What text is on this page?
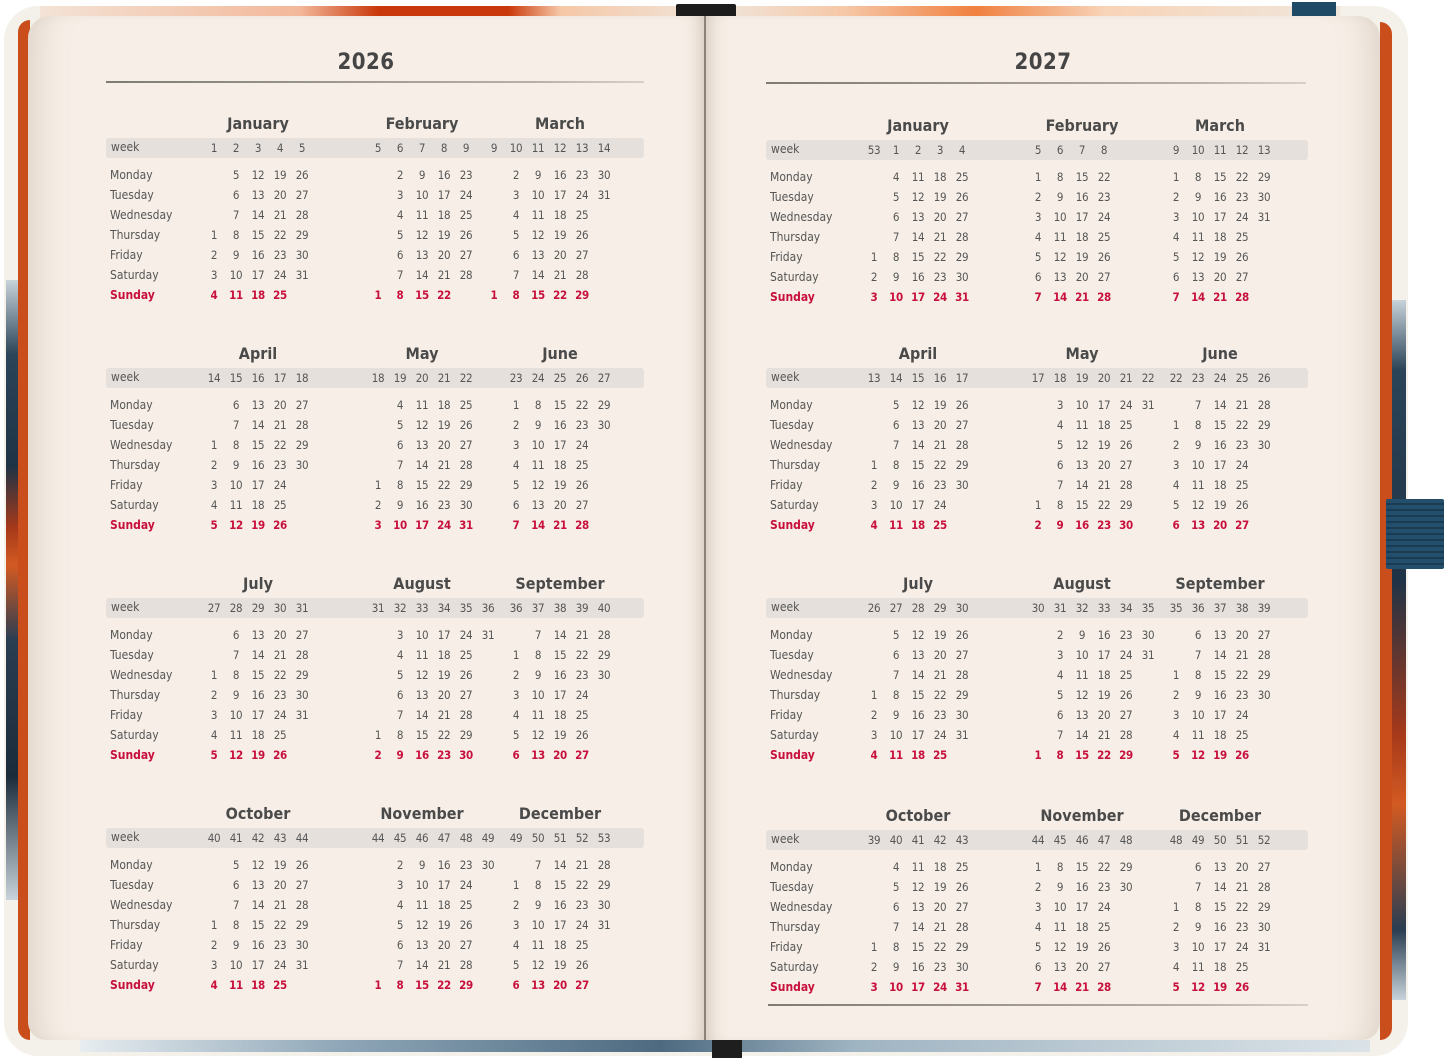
2026
week
Monday
Tuesday
Wednesday
Thursday
Friday
Saturday
Sunday
January
1
1
2
3
4
2
5
6
7
8
9
10
11
3
12
13
14
15
16
17
18
4
19
20
21
22
23
24
25
5
26
27
28
29
30
31
February
5
1
6
2
3
4
5
6
7
8
7
9
10
11
12
13
14
15
8
16
17
18
19
20
21
22
9
23
24
25
26
27
28
March
9
1
10
2
3
4
5
6
7
8
11
9
10
11
12
13
14
15
12
16
17
18
19
20
21
22
13
23
24
25
26
27
28
29
14
30
31
week
Monday
Tuesday
Wednesday
Thursday
Friday
Saturday
Sunday
April
14
1
2
3
4
5
15
6
7
8
9
10
11
12
16
13
14
15
16
17
18
19
17
20
21
22
23
24
25
26
18
27
28
29
30
May
18
1
2
3
19
4
5
6
7
8
9
10
20
11
12
13
14
15
16
17
21
18
19
20
21
22
23
24
22
25
26
27
28
29
30
31
June
23
1
2
3
4
5
6
7
24
8
9
10
11
12
13
14
25
15
16
17
18
19
20
21
26
22
23
24
25
26
27
28
27
29
30
week
Monday
Tuesday
Wednesday
Thursday
Friday
Saturday
Sunday
July
27
1
2
3
4
5
28
6
7
8
9
10
11
12
29
13
14
15
16
17
18
19
30
20
21
22
23
24
25
26
31
27
28
29
30
31
August
31
1
2
32
3
4
5
6
7
8
9
33
10
11
12
13
14
15
16
34
17
18
19
20
21
22
23
35
24
25
26
27
28
29
30
36
31
September
36
1
2
3
4
5
6
37
7
8
9
10
11
12
13
38
14
15
16
17
18
19
20
39
21
22
23
24
25
26
27
40
28
29
30
week
Monday
Tuesday
Wednesday
Thursday
Friday
Saturday
Sunday
October
40
1
2
3
4
41
5
6
7
8
9
10
11
42
12
13
14
15
16
17
18
43
19
20
21
22
23
24
25
44
26
27
28
29
30
31
November
44
1
45
2
3
4
5
6
7
8
46
9
10
11
12
13
14
15
47
16
17
18
19
20
21
22
48
23
24
25
26
27
28
29
49
30
December
49
1
2
3
4
5
6
50
7
8
9
10
11
12
13
51
14
15
16
17
18
19
20
52
21
22
23
24
25
26
27
53
28
29
30
31
2027
week
Monday
Tuesday
Wednesday
Thursday
Friday
Saturday
Sunday
January
53
1
2
3
1
4
5
6
7
8
9
10
2
11
12
13
14
15
16
17
3
18
19
20
21
22
23
24
4
25
26
27
28
29
30
31
February
5
1
2
3
4
5
6
7
6
8
9
10
11
12
13
14
7
15
16
17
18
19
20
21
8
22
23
24
25
26
27
28
March
9
1
2
3
4
5
6
7
10
8
9
10
11
12
13
14
11
15
16
17
18
19
20
21
12
22
23
24
25
26
27
28
13
29
30
31
week
Monday
Tuesday
Wednesday
Thursday
Friday
Saturday
Sunday
April
13
1
2
3
4
14
5
6
7
8
9
10
11
15
12
13
14
15
16
17
18
16
19
20
21
22
23
24
25
17
26
27
28
29
30
May
17
1
2
18
3
4
5
6
7
8
9
19
10
11
12
13
14
15
16
20
17
18
19
20
21
22
23
21
24
25
26
27
28
29
30
22
31
June
22
1
2
3
4
5
6
23
7
8
9
10
11
12
13
24
14
15
16
17
18
19
20
25
21
22
23
24
25
26
27
26
28
29
30
week
Monday
Tuesday
Wednesday
Thursday
Friday
Saturday
Sunday
July
26
1
2
3
4
27
5
6
7
8
9
10
11
28
12
13
14
15
16
17
18
29
19
20
21
22
23
24
25
30
26
27
28
29
30
31
August
30
1
31
2
3
4
5
6
7
8
32
9
10
11
12
13
14
15
33
16
17
18
19
20
21
22
34
23
24
25
26
27
28
29
35
30
31
September
35
1
2
3
4
5
36
6
7
8
9
10
11
12
37
13
14
15
16
17
18
19
38
20
21
22
23
24
25
26
39
27
28
29
30
week
Monday
Tuesday
Wednesday
Thursday
Friday
Saturday
Sunday
October
39
1
2
3
40
4
5
6
7
8
9
10
41
11
12
13
14
15
16
17
42
18
19
20
21
22
23
24
43
25
26
27
28
29
30
31
November
44
1
2
3
4
5
6
7
45
8
9
10
11
12
13
14
46
15
16
17
18
19
20
21
47
22
23
24
25
26
27
28
48
29
30
December
48
1
2
3
4
5
49
6
7
8
9
10
11
12
50
13
14
15
16
17
18
19
51
20
21
22
23
24
25
26
52
27
28
29
30
31
